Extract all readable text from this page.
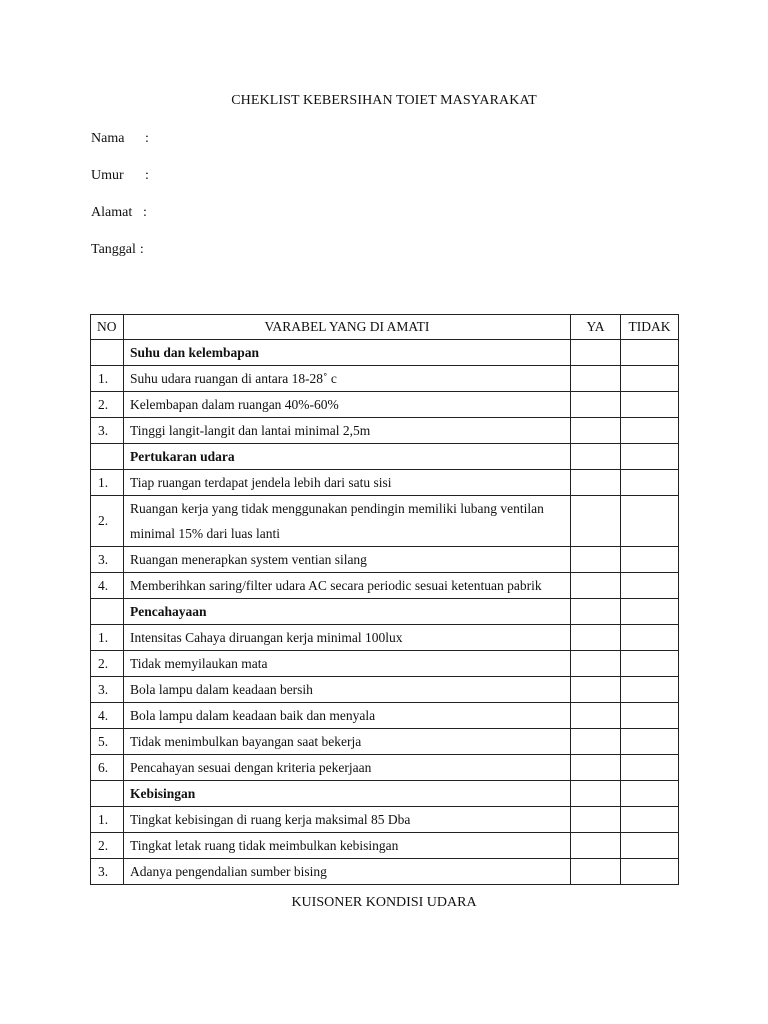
CHEKLIST KEBERSIHAN TOIET MASYARAKAT
Nama :
Umur :
Alamat :
Tanggal :
NO	VARABEL YANG DI AMATI	YA	TIDAK
	Suhu dan kelembapan		
1.	Suhu udara ruangan di antara 18-28˚ c		
2.	Kelembapan dalam ruangan 40%-60%		
3.	Tinggi langit-langit dan lantai minimal 2,5m		
	Pertukaran udara		
1.	Tiap ruangan terdapat jendela lebih dari satu sisi		
2.	Ruangan kerja yang tidak menggunakan pendingin memiliki lubang ventilan minimal 15% dari luas lanti		
3.	Ruangan menerapkan system ventian silang		
4.	Memberihkan saring/filter udara AC secara periodic sesuai ketentuan pabrik		
	Pencahayaan		
1.	Intensitas Cahaya diruangan kerja minimal 100lux		
2.	Tidak memyilaukan mata		
3.	Bola lampu dalam keadaan bersih		
4.	Bola lampu dalam keadaan baik dan menyala		
5.	Tidak menimbulkan bayangan saat bekerja		
6.	Pencahayan sesuai dengan kriteria pekerjaan		
	Kebisingan		
1.	Tingkat kebisingan di ruang kerja maksimal 85 Dba		
2.	Tingkat letak ruang tidak meimbulkan kebisingan		
3.	Adanya pengendalian sumber bising		
KUISONER KONDISI UDARA
